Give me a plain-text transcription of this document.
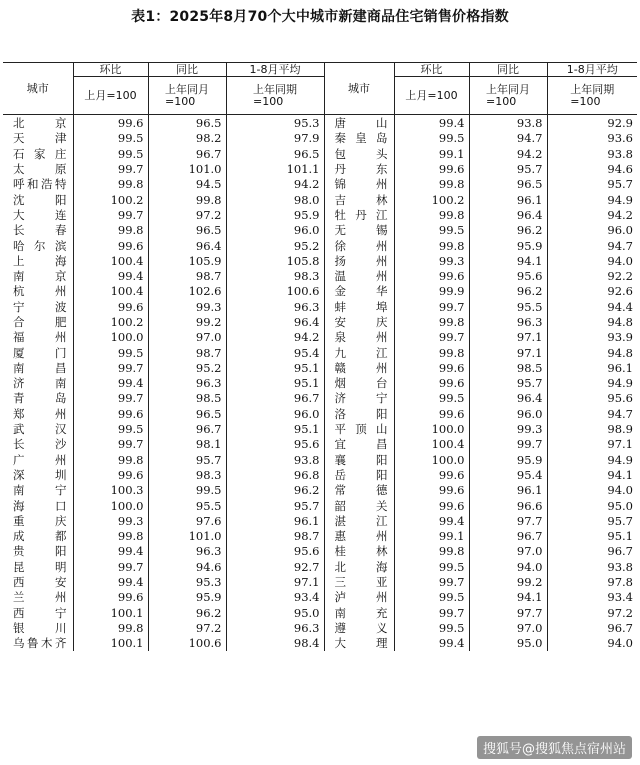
表1：2025年8月70个大中城市新建商品住宅销售价格指数
城市	环比	同比	1-8月平均	城市	环比	同比	1-8月平均
	上月=100	上年同月=100	上年同期=100		上月=100	上年同月=100	上年同期=100
北　京	99.6	96.5	95.3	唐　山	99.4	93.8	92.9
天　津	99.5	98.2	97.9	秦皇岛	99.5	94.7	93.6
石家庄	99.5	96.7	96.5	包　头	99.1	94.2	93.8
太　原	99.7	101.0	101.1	丹　东	99.6	95.7	94.6
呼和浩特	99.8	94.5	94.2	锦　州	99.8	96.5	95.7
沈　阳	100.2	99.8	98.0	吉　林	100.2	96.1	94.9
大　连	99.7	97.2	95.9	牡丹江	99.8	96.4	94.2
长　春	99.8	96.5	96.0	无　锡	99.5	96.2	96.0
哈尔滨	99.6	96.4	95.2	徐　州	99.8	95.9	94.7
上　海	100.4	105.9	105.8	扬　州	99.3	94.1	94.0
南　京	99.4	98.7	98.3	温　州	99.6	95.6	92.2
杭　州	100.4	102.6	100.6	金　华	99.9	96.2	92.6
宁　波	99.6	99.3	96.3	蚌　埠	99.7	95.5	94.4
合　肥	100.2	99.2	96.4	安　庆	99.8	96.3	94.8
福　州	100.0	97.0	94.2	泉　州	99.7	97.1	93.9
厦　门	99.5	98.7	95.4	九　江	99.8	97.1	94.8
南　昌	99.7	95.2	95.1	赣　州	99.6	98.5	96.1
济　南	99.4	96.3	95.1	烟　台	99.6	95.7	94.9
青　岛	99.7	98.5	96.7	济　宁	99.5	96.4	95.6
郑　州	99.6	96.5	96.0	洛　阳	99.6	96.0	94.7
武　汉	99.5	96.7	95.1	平顶山	100.0	99.3	98.9
长　沙	99.7	98.1	95.6	宜　昌	100.4	99.7	97.1
广　州	99.8	95.7	93.8	襄　阳	100.0	95.9	94.9
深　圳	99.6	98.3	96.8	岳　阳	99.6	95.4	94.1
南　宁	100.3	99.5	96.2	常　德	99.6	96.1	94.0
海　口	100.0	95.5	95.7	韶　关	99.6	96.6	95.0
重　庆	99.3	97.6	96.1	湛　江	99.4	97.7	95.7
成　都	99.8	101.0	98.7	惠　州	99.1	96.7	95.1
贵　阳	99.4	96.3	95.6	桂　林	99.8	97.0	96.7
昆　明	99.7	94.6	92.7	北　海	99.5	94.0	93.8
西　安	99.4	95.3	97.1	三　亚	99.7	99.2	97.8
兰　州	99.6	95.9	93.4	泸　州	99.5	94.1	93.4
西　宁	100.1	96.2	95.0	南　充	99.7	97.7	97.2
银　川	99.8	97.2	96.3	遵　义	99.5	97.0	96.7
乌鲁木齐	100.1	100.6	98.4	大　理	99.4	95.0	94.0
搜狐号@搜狐焦点宿州站
